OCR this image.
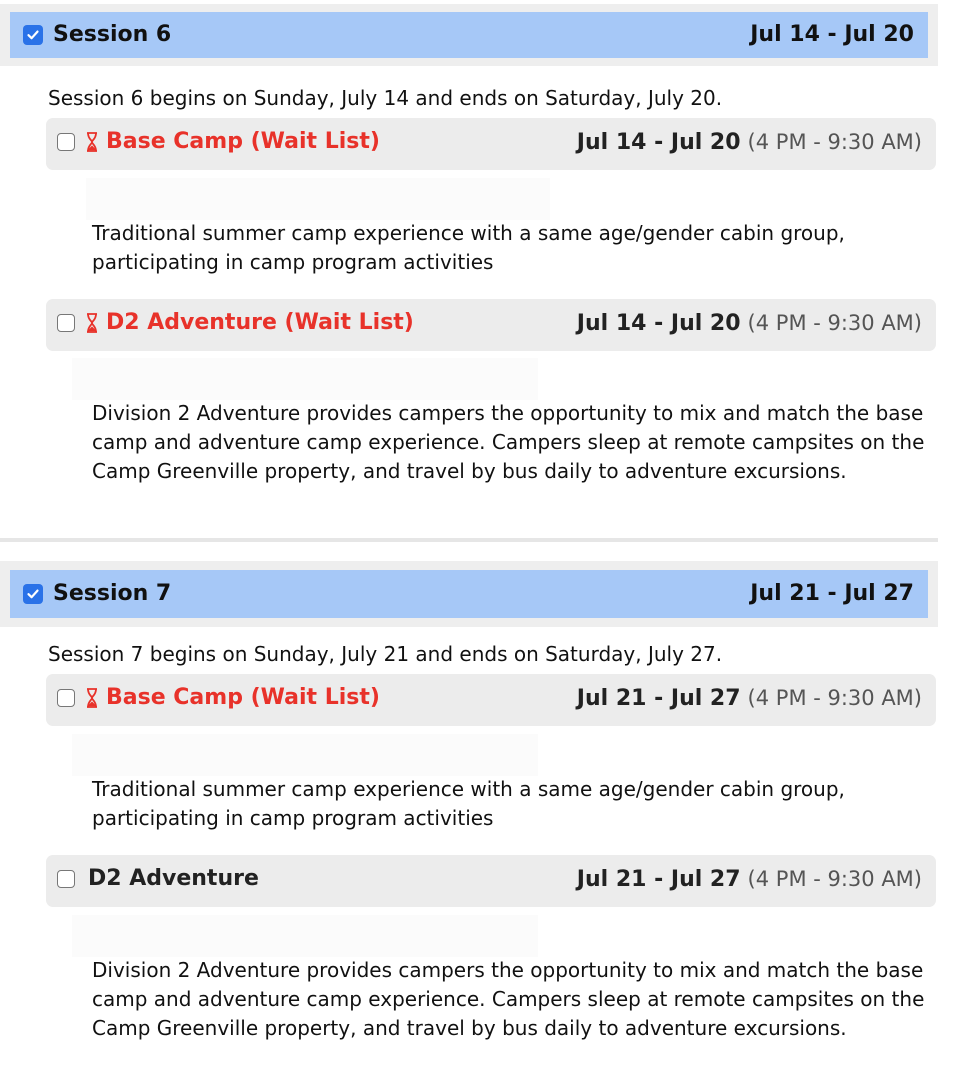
Session 6	Jul 14 - Jul 20
Session 6 begins on Sunday, July 14 and ends on Saturday, July 20.
Base Camp (Wait List)	Jul 14 - Jul 20 (4 PM - 9:30 AM)
Traditional summer camp experience with a same age/gender cabin group, participating in camp program activities
D2 Adventure (Wait List)	Jul 14 - Jul 20 (4 PM - 9:30 AM)
Division 2 Adventure provides campers the opportunity to mix and match the base camp and adventure camp experience. Campers sleep at remote campsites on the Camp Greenville property, and travel by bus daily to adventure excursions.
Session 7	Jul 21 - Jul 27
Session 7 begins on Sunday, July 21 and ends on Saturday, July 27.
Base Camp (Wait List)	Jul 21 - Jul 27 (4 PM - 9:30 AM)
Traditional summer camp experience with a same age/gender cabin group, participating in camp program activities
D2 Adventure	Jul 21 - Jul 27 (4 PM - 9:30 AM)
Division 2 Adventure provides campers the opportunity to mix and match the base camp and adventure camp experience. Campers sleep at remote campsites on the Camp Greenville property, and travel by bus daily to adventure excursions.
